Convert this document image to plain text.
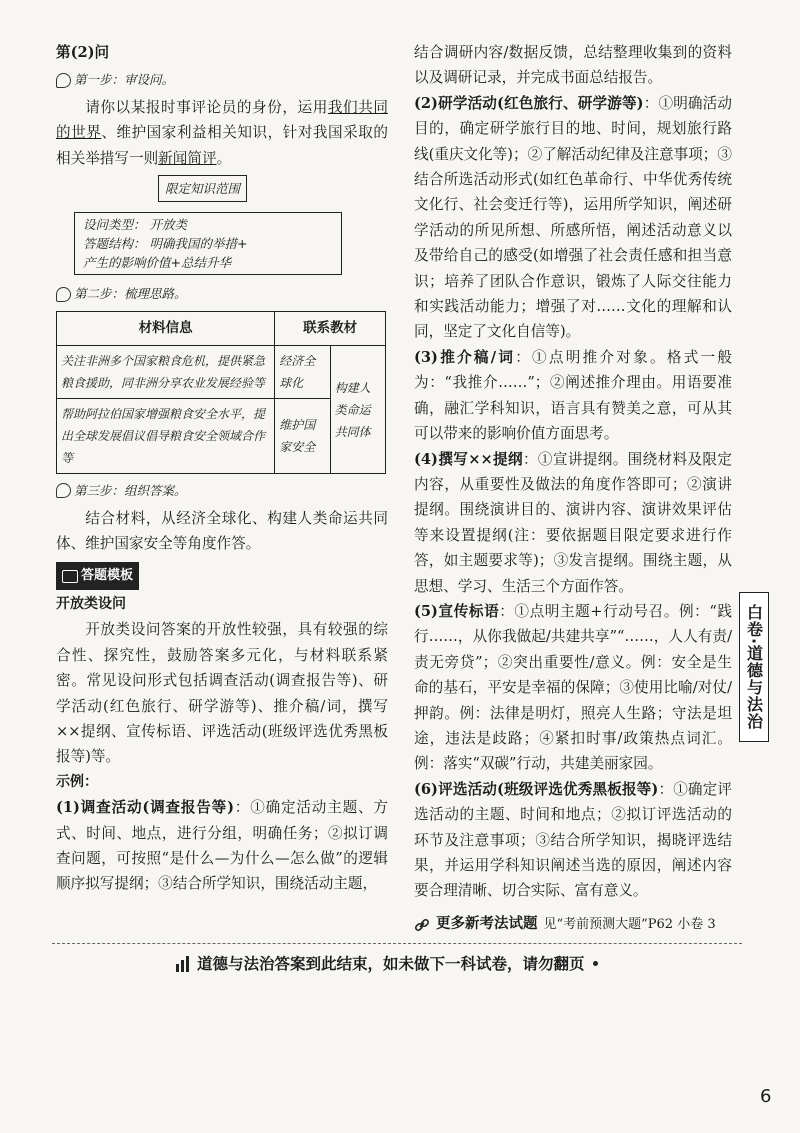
第(2)问
第一步：审设问。

请你以某报时事评论员的身份，运用我们共同的世界、维护国家利益相关知识，针对我国采取的相关举措写一则新闻简评。

限定知识范围
设问类型： 开放类
答题结构： 明确我国的举措+
产生的影响价值+总结升华
第二步：梳理思路。
材料信息	联系教材	
关注非洲多个国家粮食危机，提供紧急粮食援助，同非洲分享农业发展经验等	经济全球化	构建人类命运共同体
帮助阿拉伯国家增强粮食安全水平，提出全球发展倡议倡导粮食安全领域合作等	维护国家安全	
第三步：组织答案。

结合材料，从经济全球化、构建人类命运共同体、维护国家安全等角度作答。

答题模板
开放类设问

开放类设问答案的开放性较强，具有较强的综合性、探究性，鼓励答案多元化，与材料联系紧密。常见设问形式包括调查活动(调查报告等)、研学活动(红色旅行、研学游等)、推介稿/词，撰写××提纲、宣传标语、评选活动(班级评选优秀黑板报等)等。

示例：

(1)调查活动(调查报告等)：①确定活动主题、方式、时间、地点，进行分组，明确任务；②拟订调查问题，可按照“是什么—为什么—怎么做”的逻辑顺序拟写提纲；③结合所学知识，围绕活动主题，

结合调研内容/数据反馈，总结整理收集到的资料以及调研记录，并完成书面总结报告。

(2)研学活动(红色旅行、研学游等)：①明确活动目的，确定研学旅行目的地、时间，规划旅行路线(重庆文化等)；②了解活动纪律及注意事项；③结合所选活动形式(如红色革命行、中华优秀传统文化行、社会变迁行等)，运用所学知识，阐述研学活动的所见所想、所感所悟，阐述活动意义以及带给自己的感受(如增强了社会责任感和担当意识；培养了团队合作意识，锻炼了人际交往能力和实践活动能力；增强了对……文化的理解和认同，坚定了文化自信等)。

(3)推介稿/词：①点明推介对象。格式一般为：“我推介……”；②阐述推介理由。用语要准确，融汇学科知识，语言具有赞美之意，可从其可以带来的影响价值方面思考。

(4)撰写××提纲：①宣讲提纲。围绕材料及限定内容，从重要性及做法的角度作答即可；②演讲提纲。围绕演讲目的、演讲内容、演讲效果评估等来设置提纲(注：要依据题目限定要求进行作答，如主题要求等)；③发言提纲。围绕主题，从思想、学习、生活三个方面作答。

(5)宣传标语：①点明主题+行动号召。例：“践行……，从你我做起/共建共享”“……，人人有责/责无旁贷”；②突出重要性/意义。例：安全是生命的基石，平安是幸福的保障；③使用比喻/对仗/押韵。例：法律是明灯，照亮人生路；守法是坦途，违法是歧路；④紧扣时事/政策热点词汇。例：落实“双碳”行动，共建美丽家园。

(6)评选活动(班级评选优秀黑板报等)：①确定评选活动的主题、时间和地点；②拟订评选活动的环节及注意事项；③结合所学知识，揭晓评选结果，并运用学科知识阐述当选的原因，阐述内容要合理清晰、切合实际、富有意义。

更多新考法试题 见“考前预测大题”P62 小卷 3
白卷·道德与法治
道德与法治答案到此结束，如未做下一科试卷，请勿翻页
6
